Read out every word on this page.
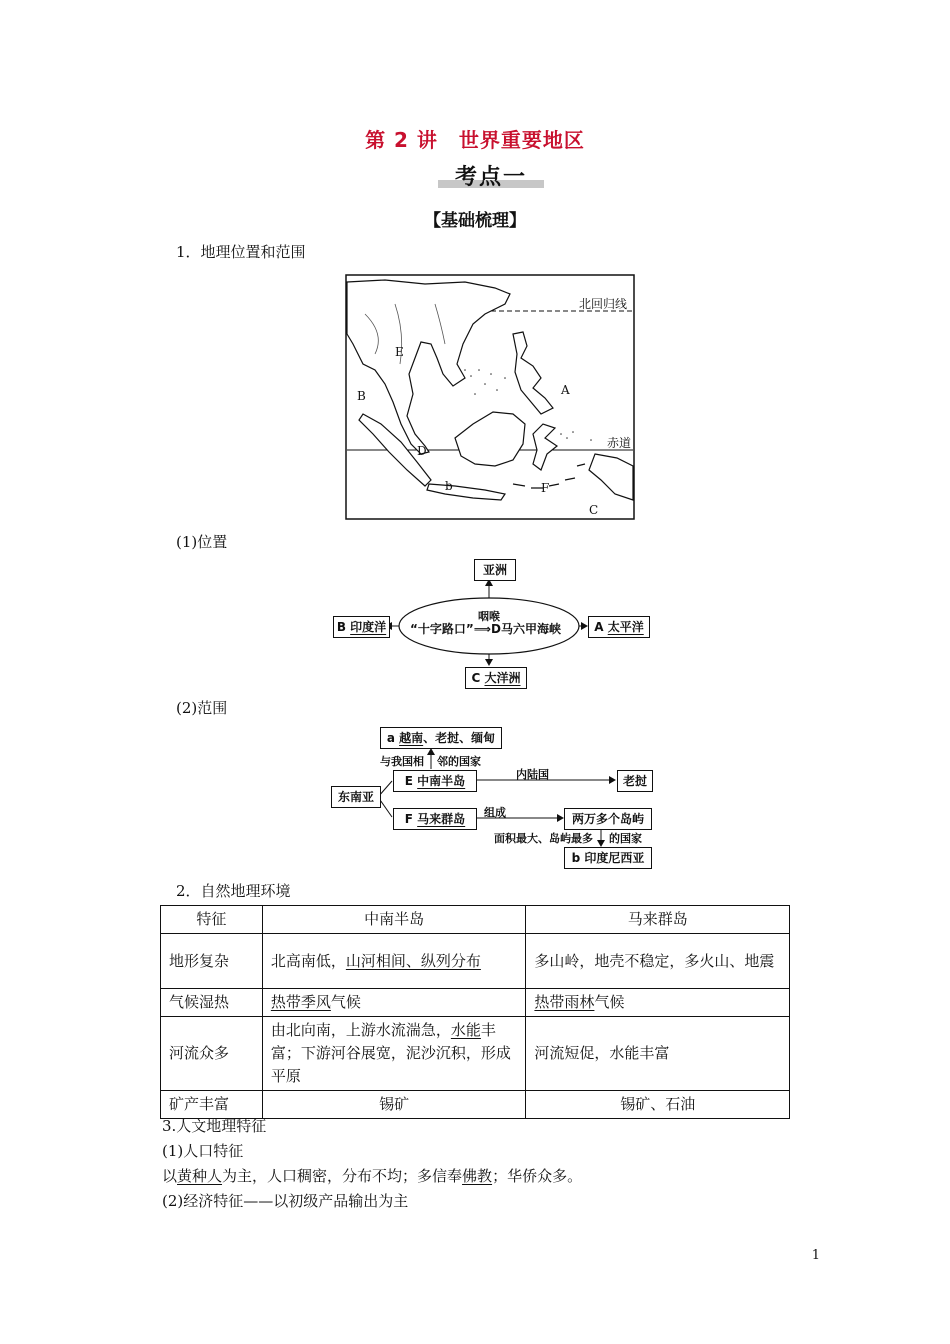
第 2 讲　世界重要地区
考点一
【基础梳理】
1．地理位置和范围
北回归线
赤道
A
B
C
D
E
F
b
(1)位置
亚洲
B 印度洋
咽喉
“十字路口”⟹D马六甲海峡	A 太平洋
C 大洋洲
(2)范围
a 越南、老挝、缅甸
与我国相 邻的国家
东南亚
E 中南半岛	内陆国	老挝
F 马来群岛	组成	两万多个岛屿
面积最大、岛屿最多 的国家
b 印度尼西亚
2．自然地理环境
特征	中南半岛	马来群岛
地形复杂	北高南低，山河相间、纵列分布	多山岭，地壳不稳定，多火山、地震
气候湿热	热带季风气候	热带雨林气候
河流众多	由北向南，上游水流湍急，水能丰富；下游河谷展宽，泥沙沉积，形成平原	河流短促，水能丰富
矿产丰富	锡矿	锡矿、石油
3.人文地理特征
(1)人口特征
以黄种人为主，人口稠密，分布不均；多信奉佛教；华侨众多。
(2)经济特征——以初级产品输出为主
1
